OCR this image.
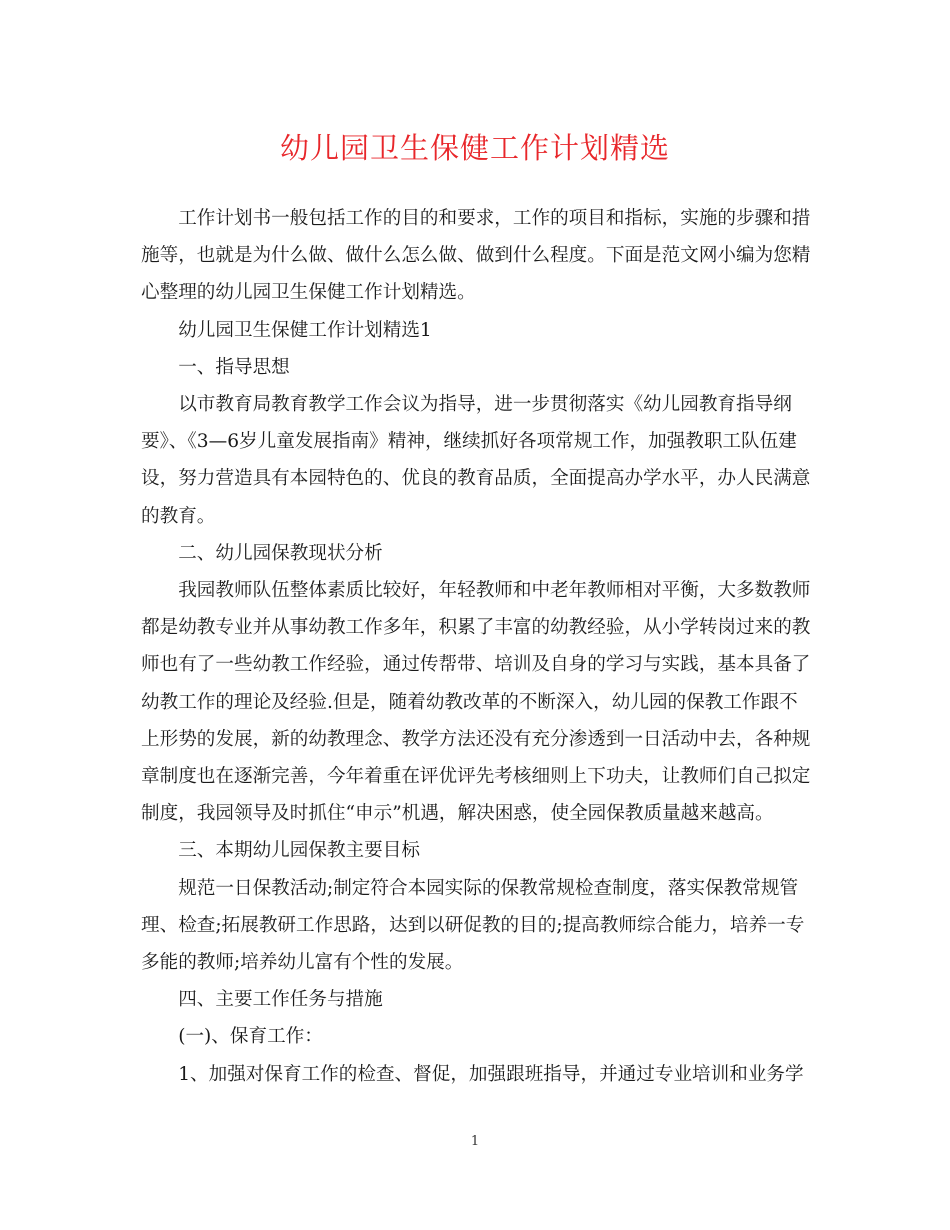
幼儿园卫生保健工作计划精选

工作计划书一般包括工作的目的和要求，工作的项目和指标，实施的步骤和措施等，也就是为什么做、做什么怎么做、做到什么程度。下面是范文网小编为您精心整理的幼儿园卫生保健工作计划精选。

幼儿园卫生保健工作计划精选1

一、指导思想

以市教育局教育教学工作会议为指导，进一步贯彻落实《幼儿园教育指导纲要》、《3—6岁儿童发展指南》精神，继续抓好各项常规工作，加强教职工队伍建设，努力营造具有本园特色的、优良的教育品质，全面提高办学水平，办人民满意的教育。

二、幼儿园保教现状分析

我园教师队伍整体素质比较好，年轻教师和中老年教师相对平衡，大多数教师都是幼教专业并从事幼教工作多年，积累了丰富的幼教经验，从小学转岗过来的教师也有了一些幼教工作经验，通过传帮带、培训及自身的学习与实践，基本具备了幼教工作的理论及经验.但是，随着幼教改革的不断深入，幼儿园的保教工作跟不上形势的发展，新的幼教理念、教学方法还没有充分渗透到一日活动中去，各种规章制度也在逐渐完善，今年着重在评优评先考核细则上下功夫，让教师们自己拟定制度，我园领导及时抓住“申示”机遇，解决困惑，使全园保教质量越来越高。

三、本期幼儿园保教主要目标

规范一日保教活动;制定符合本园实际的保教常规检查制度，落实保教常规管理、检查;拓展教研工作思路，达到以研促教的目的;提高教师综合能力，培养一专多能的教师;培养幼儿富有个性的发展。

四、主要工作任务与措施

(一)、保育工作：

1、加强对保育工作的检查、督促，加强跟班指导，并通过专业培训和业务学

1
